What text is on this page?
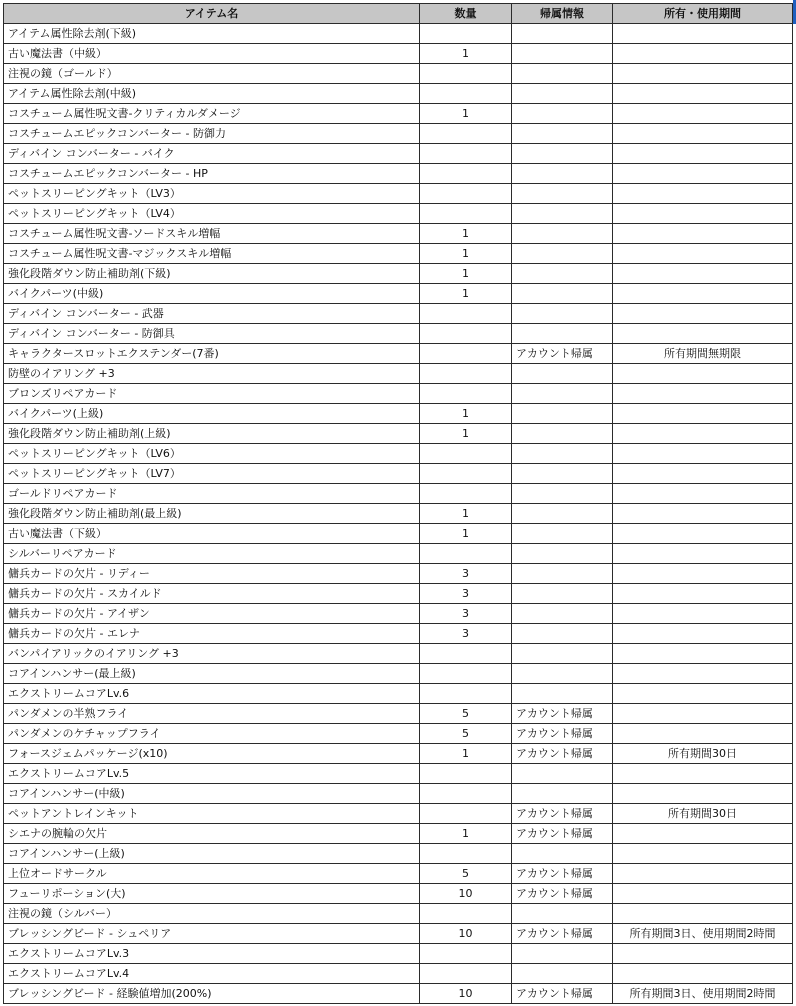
アイテム名	数量	帰属情報	所有・使用期間
アイテム属性除去剤(下級)			
古い魔法書（中級）	1		
注視の鏡（ゴールド）			
アイテム属性除去剤(中級)			
コスチューム属性呪文書-クリティカルダメージ	1		
コスチュームエピックコンバーター - 防御力			
ディバイン コンバーター - バイク			
コスチュームエピックコンバーター - HP			
ペットスリーピングキット（LV3）			
ペットスリーピングキット（LV4）			
コスチューム属性呪文書-ソードスキル増幅	1		
コスチューム属性呪文書-マジックスキル増幅	1		
強化段階ダウン防止補助剤(下級)	1		
バイクパーツ(中級)	1		
ディバイン コンバーター - 武器			
ディバイン コンバーター - 防御具			
キャラクタースロットエクステンダー(7番)		アカウント帰属	所有期間無期限
防壁のイアリング +3			
ブロンズリペアカード			
バイクパーツ(上級)	1		
強化段階ダウン防止補助剤(上級)	1		
ペットスリーピングキット（LV6）			
ペットスリーピングキット（LV7）			
ゴールドリペアカード			
強化段階ダウン防止補助剤(最上級)	1		
古い魔法書（下級）	1		
シルバーリペアカード			
傭兵カードの欠片 - リディー	3		
傭兵カードの欠片 - スカイルド	3		
傭兵カードの欠片 - アイザン	3		
傭兵カードの欠片 - エレナ	3		
バンパイアリックのイアリング +3			
コアインハンサー(最上級)			
エクストリームコアLv.6			
パンダメンの半熟フライ	5	アカウント帰属	
パンダメンのケチャップフライ	5	アカウント帰属	
フォースジェムパッケージ(x10)	1	アカウント帰属	所有期間30日
エクストリームコアLv.5			
コアインハンサー(中級)			
ペットアントレインキット		アカウント帰属	所有期間30日
シエナの腕輪の欠片	1	アカウント帰属	
コアインハンサー(上級)			
上位オードサークル	5	アカウント帰属	
フューリポーション(大)	10	アカウント帰属	
注視の鏡（シルバー）			
ブレッシングビード - シュペリア	10	アカウント帰属	所有期間3日、使用期間2時間
エクストリームコアLv.3			
エクストリームコアLv.4			
ブレッシングビード - 経験値増加(200%)	10	アカウント帰属	所有期間3日、使用期間2時間
